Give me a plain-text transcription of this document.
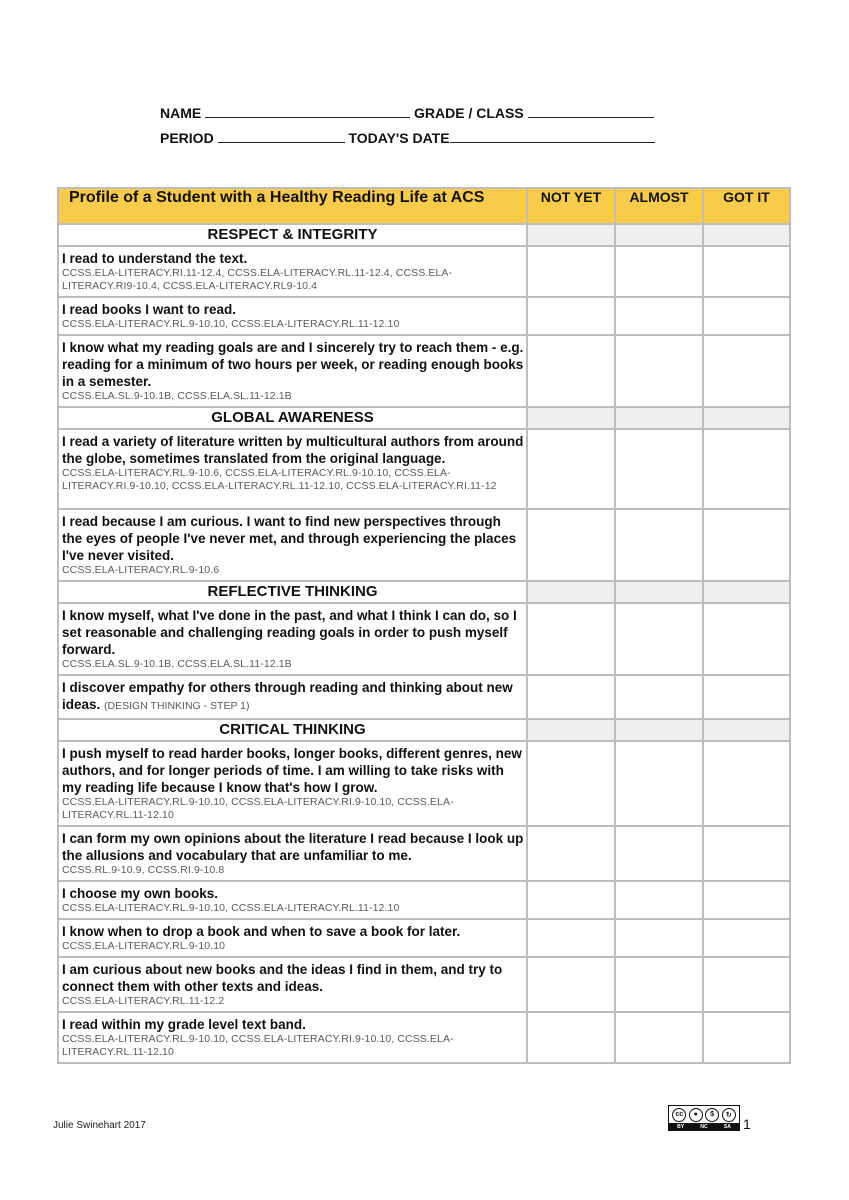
NAME	GRADE / CLASS
PERIOD	TODAY'S DATE
Profile of a Student with a Healthy Reading Life at ACS	NOT YET	ALMOST	GOT IT
RESPECT & INTEGRITY			
I read to understand the text.
CCSS.ELA-LITERACY.RI.11-12.4, CCSS.ELA-LITERACY.RL.11-12.4, CCSS.ELA-LITERACY.RI9-10.4, CCSS.ELA-LITERACY.RL9-10.4			

I read books I want to read.
CCSS.ELA-LITERACY.RL.9-10.10, CCSS.ELA-LITERACY.RL.11-12.10			

I know what my reading goals are and I sincerely try to reach them - e.g. reading for a minimum of two hours per week, or reading enough books in a semester.
CCSS.ELA.SL.9-10.1B, CCSS.ELA.SL.11-12.1B			

GLOBAL AWARENESS			
I read a variety of literature written by multicultural authors from around the globe, sometimes translated from the original language.
CCSS.ELA-LITERACY.RL.9-10.6, CCSS.ELA-LITERACY.RL.9-10.10, CCSS.ELA-LITERACY.RI.9-10.10, CCSS.ELA-LITERACY.RL.11-12.10, CCSS.ELA-LITERACY.RI.11-12			

I read because I am curious. I want to find new perspectives through the eyes of people I've never met, and through experiencing the places I've never visited.
CCSS.ELA-LITERACY.RL.9-10.6			

REFLECTIVE THINKING			
I know myself, what I've done in the past, and what I think I can do, so I set reasonable and challenging reading goals in order to push myself forward.
CCSS.ELA.SL.9-10.1B, CCSS.ELA.SL.11-12.1B			

I discover empathy for others through reading and thinking about new ideas. (DESIGN THINKING - STEP 1)			
CRITICAL THINKING			
I push myself to read harder books, longer books, different genres, new authors, and for longer periods of time. I am willing to take risks with my reading life because I know that's how I grow.
CCSS.ELA-LITERACY.RL.9-10.10, CCSS.ELA-LITERACY.RI.9-10.10, CCSS.ELA-LITERACY.RL.11-12.10			

I can form my own opinions about the literature I read because I look up the allusions and vocabulary that are unfamiliar to me.
CCSS.RL.9-10.9, CCSS.RI.9-10.8			

I choose my own books.
CCSS.ELA-LITERACY.RL.9-10.10, CCSS.ELA-LITERACY.RL.11-12.10			

I know when to drop a book and when to save a book for later.
CCSS.ELA-LITERACY.RL.9-10.10			

I am curious about new books and the ideas I find in them, and try to connect them with other texts and ideas.
CCSS.ELA-LITERACY.RL.11-12.2			

I read within my grade level text band.
CCSS.ELA-LITERACY.RL.9-10.10, CCSS.ELA-LITERACY.RI.9-10.10, CCSS.ELA-LITERACY.RL.11-12.10			

Julie Swinehart 2017
cc	●	$	↻
BY	NC	SA 1
